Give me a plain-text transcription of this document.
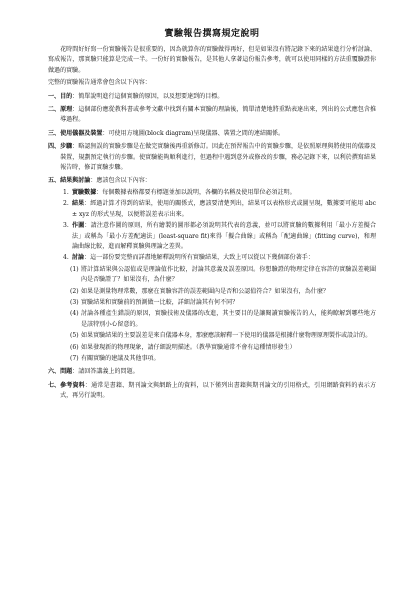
實驗報告撰寫規定說明

花時間好好寫一份實驗報告是很重要的，因為就算你的實驗做得再好，但是如果沒有將記錄下來的結果進行分析討論、寫成報告，那實驗只能算是完成一半。一份好的實驗報告，是其他人拿著這份報告參考，就可以使用同樣的方法重覆驗證你做過的實驗。

完整的實驗報告通常會包含以下內容：

一、 目的：簡單說明進行這個實驗的原因，以及想要達到的目標。
二、 原理：這個部份應從教科書或參考文獻中找到有關本實驗的理論後，簡單清楚地將重點表達出來，列出的公式應包含推導過程。
三、 使用儀器及裝置：可使用方塊圖(block diagram)呈現儀器、裝置之間的連結關係。
四、 步驟：略認無誤的實驗步驟是在做完實驗後再重新修訂。因此在預習報告中的實驗步驟，是依照原理與將使用的儀器及裝置，規劃預定執行的步驟。使實驗能夠順利進行，但過程中遇到意外或修改的步驟，務必記錄下來，以利於撰寫結果報告時，修訂實驗步驟。
五、 結果與討論：應該包含以下內容：
1. 實驗數據：每個數據表格都要有標題並加以說明，各欄的名稱及使用單位必須註明。
2. 結果：經過計算才得到的結果，使用的關係式，應該要清楚列出，結果可以表格形式或圖呈現，數據要可能用 abc ± xyz 的形式呈現，以便將誤差表示出來。
3. 作圖：請注意作圖的原則，所有繪製的圖形都必須說明其代表的意義，並可以將實驗的數據利用「最小方差擬合法」或稱為「最小方差配適法」(least-square fit)來得「擬合曲線」或稱為「配適曲線」(fitting curve)，和理論曲線比較，進而解釋實驗與理論之差異。
4. 討論：這一部份要完整而詳盡地解釋說明所有實驗結果，大致上可以從以下幾個部份著手：
(1) 將計算結果與公認值或是理論值作比較，討論其意義及誤差原因。你想驗證的物理定律在容許的實驗誤差範圍內是否驗證了？如果沒有，為什麼？
(2) 如果是測量物理常數，那麼在實驗容許的誤差範圍內是否和公認值符合？如果沒有，為什麼？
(3) 實驗結果和實驗前的預測做一比較，詳細討論其有何不同？
(4) 討論各種產生錯誤的原因，實驗技術及儀器的改進，其主要目的是讓閱讀實驗報告的人，能夠瞭解到哪些地方是該特別小心留意的。
(5) 如果實驗結果的主要誤差是來自儀器本身，那麼應該解釋一下使用的儀器是根據什麼物理原理製作或設計的。
(6) 如果發現新的物理現象，請仔細說明描述。（教學實驗通常不會有這種情形發生）
(7) 有關實驗的建議及其他事項。
六、 問題：請回答講義上的問題。
七、 參考資料：通常是書籍、期刊論文與網路上的資料，以下僅列出書籍與期刊論文的引用格式，引用網路資料的表示方式，再另行說明。
